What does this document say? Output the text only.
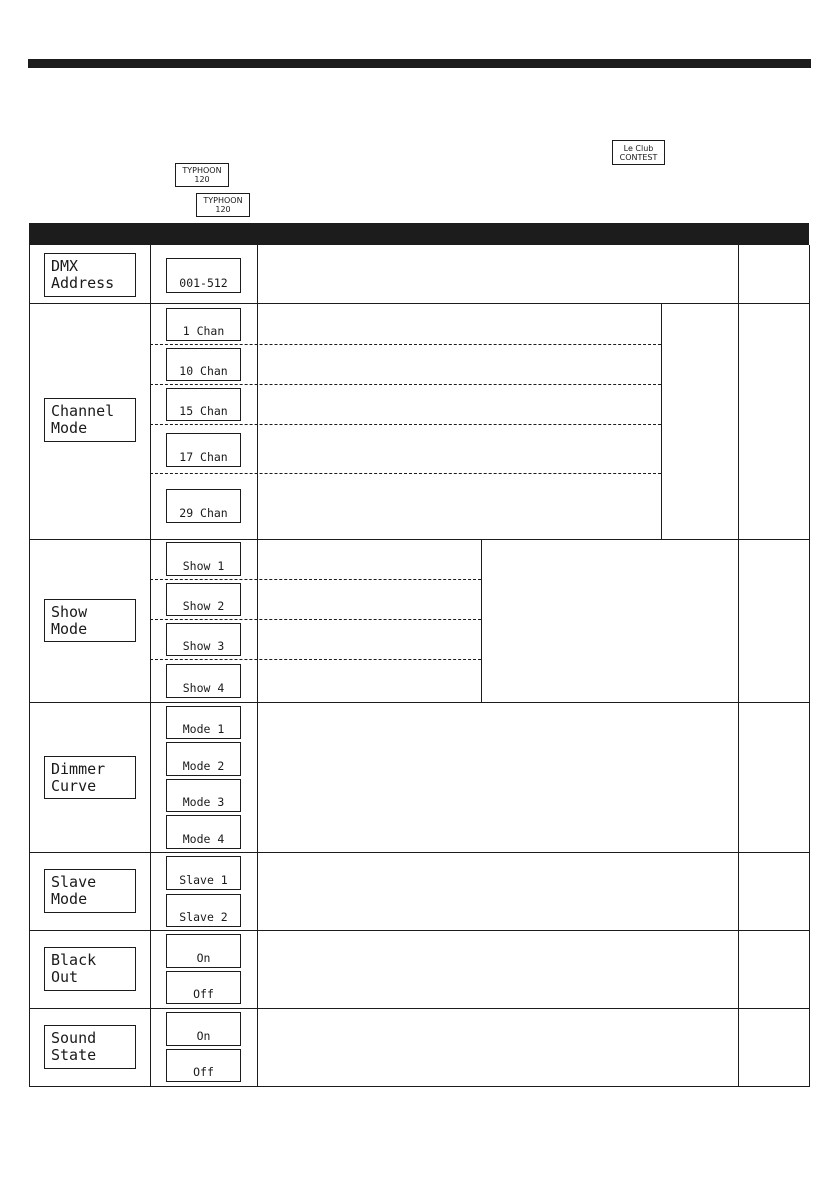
Le Club
CONTEST
TYPHOON
120
TYPHOON
120
DMX
Address	001-512
Channel
Mode
1 Chan
10 Chan
15 Chan
17 Chan
29 Chan
Show
Mode
Show 1
Show 2
Show 3
Show 4
Dimmer
Curve
Mode 1
Mode 2
Mode 3
Mode 4
Slave
Mode
Slave 1
Slave 2
Black
Out
On
Off
Sound
State
On
Off
